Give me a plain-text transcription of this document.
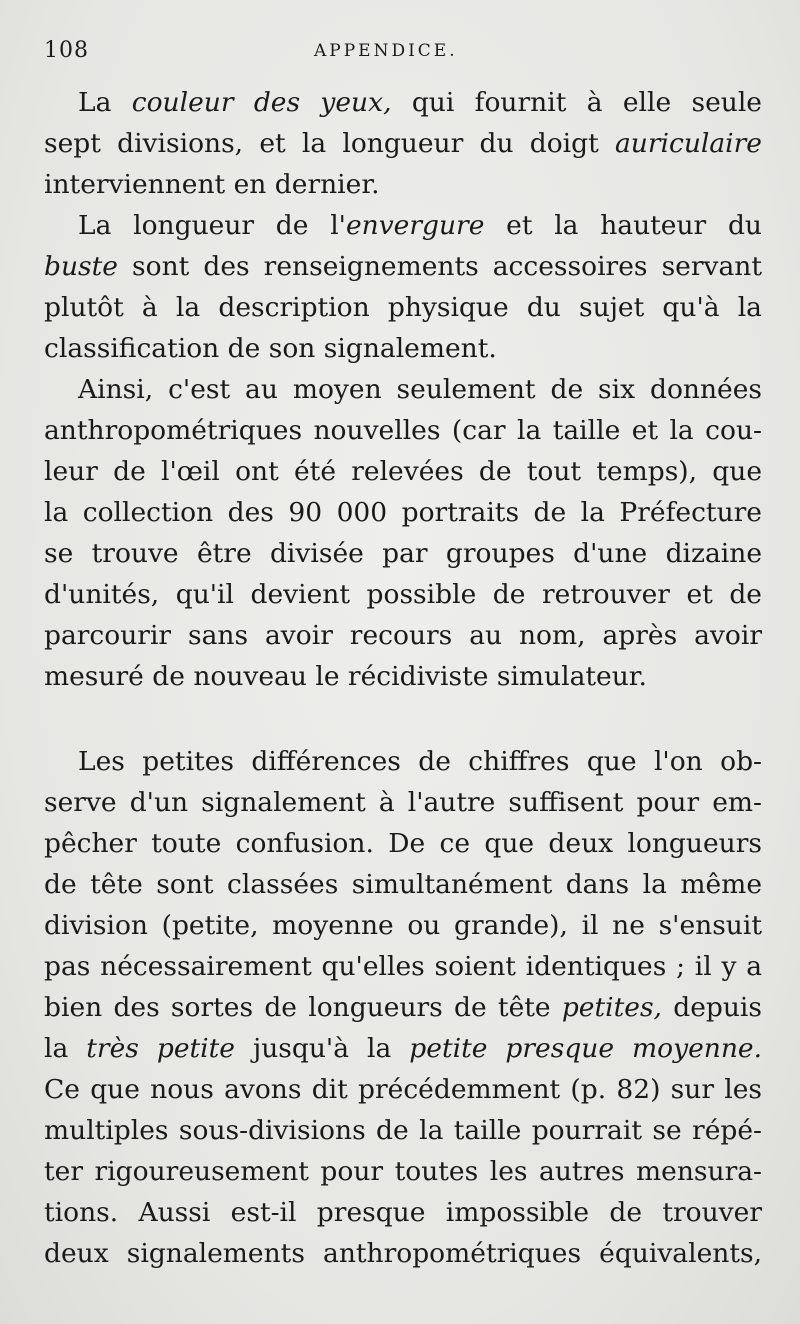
108	APPENDICE.
La couleur des yeux, qui fournit à elle seule
sept divisions, et la longueur du doigt auriculaire
interviennent en dernier.
La longueur de l'envergure et la hauteur du
buste sont des renseignements accessoires servant
plutôt à la description physique du sujet qu'à la
classification de son signalement.
Ainsi, c'est au moyen seulement de six données
anthropométriques nouvelles (car la taille et la cou-
leur de l'œil ont été relevées de tout temps), que
la collection des 90 000 portraits de la Préfecture
se trouve être divisée par groupes d'une dizaine
d'unités, qu'il devient possible de retrouver et de
parcourir sans avoir recours au nom, après avoir
mesuré de nouveau le récidiviste simulateur.
Les petites différences de chiffres que l'on ob-
serve d'un signalement à l'autre suffisent pour em-
pêcher toute confusion. De ce que deux longueurs
de tête sont classées simultanément dans la même
division (petite, moyenne ou grande), il ne s'ensuit
pas nécessairement qu'elles soient identiques ; il y a
bien des sortes de longueurs de tête petites, depuis
la très petite jusqu'à la petite presque moyenne.
Ce que nous avons dit précédemment (p. 82) sur les
multiples sous-divisions de la taille pourrait se répé-
ter rigoureusement pour toutes les autres mensura-
tions. Aussi est-il presque impossible de trouver
deux signalements anthropométriques équivalents,
